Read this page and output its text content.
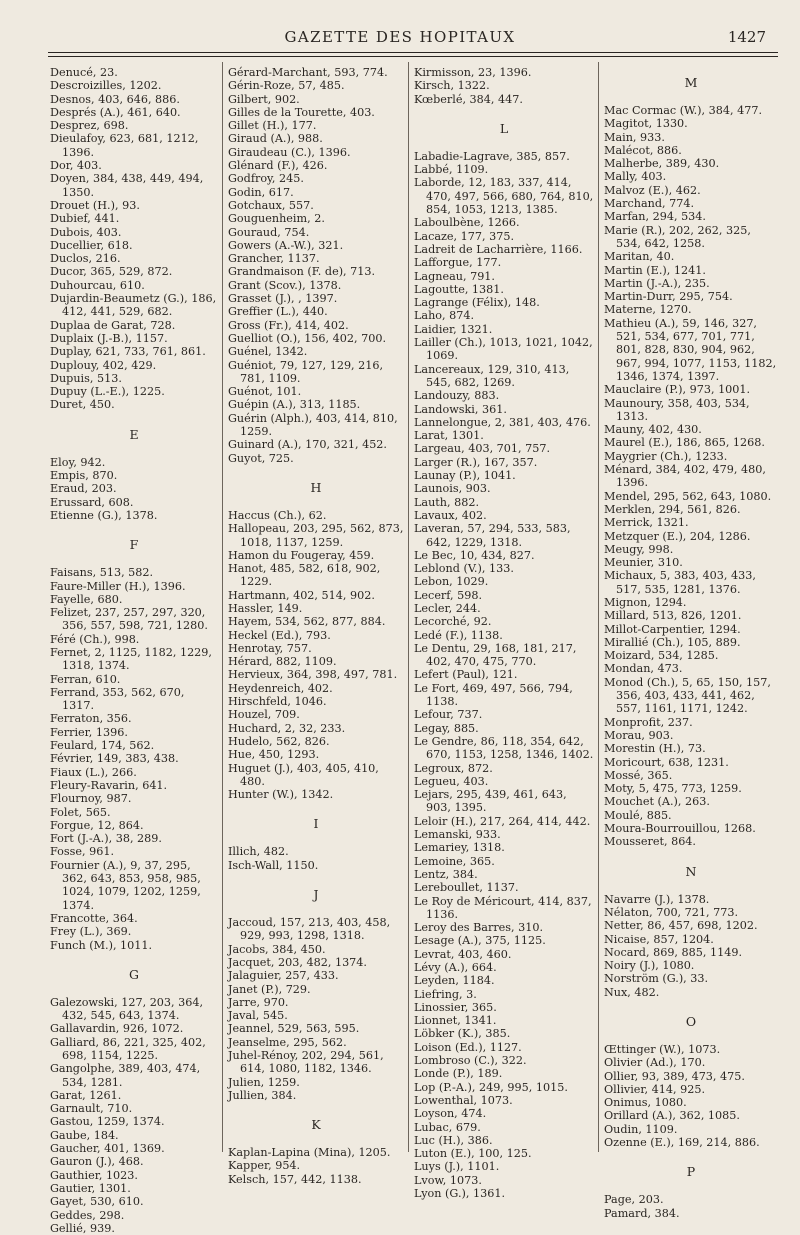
GAZETTE DES HOPITAUX	1427
Denucé, 23.
Descroizilles, 1202.
Desnos, 403, 646, 886.
Després (A.), 461, 640.
Desprez, 698.
Dieulafoy, 623, 681, 1212, 1396.
Dor, 403.
Doyen, 384, 438, 449, 494, 1350.
Drouet (H.), 93.
Dubief, 441.
Dubois, 403.
Ducellier, 618.
Duclos, 216.
Ducor, 365, 529, 872.
Duhourcau, 610.
Dujardin-Beaumetz (G.), 186, 412, 441, 529, 682.
Duplaa de Garat, 728.
Duplaix (J.-B.), 1157.
Duplay, 621, 733, 761, 861.
Duplouy, 402, 429.
Dupuis, 513.
Dupuy (L.-E.), 1225.
Duret, 450.
E
Eloy, 942.
Empis, 870.
Eraud, 203.
Erussard, 608.
Etienne (G.), 1378.
F
Faisans, 513, 582.
Faure-Miller (H.), 1396.
Fayelle, 680.
Felizet, 237, 257, 297, 320, 356, 557, 598, 721, 1280.
Féré (Ch.), 998.
Fernet, 2, 1125, 1182, 1229, 1318, 1374.
Ferran, 610.
Ferrand, 353, 562, 670, 1317.
Ferraton, 356.
Ferrier, 1396.
Feulard, 174, 562.
Février, 149, 383, 438.
Fiaux (L.), 266.
Fleury-Ravarin, 641.
Flournoy, 987.
Folet, 565.
Forgue, 12, 864.
Fort (J.-A.), 38, 289.
Fosse, 961.
Fournier (A.), 9, 37, 295, 362, 643, 853, 958, 985, 1024, 1079, 1202, 1259, 1374.
Francotte, 364.
Frey (L.), 369.
Funch (M.), 1011.
G
Galezowski, 127, 203, 364, 432, 545, 643, 1374.
Gallavardin, 926, 1072.
Galliard, 86, 221, 325, 402, 698, 1154, 1225.
Gangolphe, 389, 403, 474, 534, 1281.
Garat, 1261.
Garnault, 710.
Gastou, 1259, 1374.
Gaube, 184.
Gaucher, 401, 1369.
Gauron (J.), 468.
Gauthier, 1023.
Gautier, 1301.
Gayet, 530, 610.
Geddes, 298.
Gellié, 939.
Gérard-Marchant, 593, 774.
Gérin-Roze, 57, 485.
Gilbert, 902.
Gilles de la Tourette, 403.
Gillet (H.), 177.
Giraud (A.), 988.
Giraudeau (C.), 1396.
Glénard (F.), 426.
Godfroy, 245.
Godin, 617.
Gotchaux, 557.
Gouguenheim, 2.
Gouraud, 754.
Gowers (A.-W.), 321.
Grancher, 1137.
Grandmaison (F. de), 713.
Grant (Scov.), 1378.
Grasset (J.), , 1397.
Greffier (L.), 440.
Gross (Fr.), 414, 402.
Guelliot (O.), 156, 402, 700.
Guénel, 1342.
Guéniot, 79, 127, 129, 216, 781, 1109.
Guénot, 101.
Guépin (A.), 313, 1185.
Guérin (Alph.), 403, 414, 810, 1259.
Guinard (A.), 170, 321, 452.
Guyot, 725.
H
Haccus (Ch.), 62.
Hallopeau, 203, 295, 562, 873, 1018, 1137, 1259.
Hamon du Fougeray, 459.
Hanot, 485, 582, 618, 902, 1229.
Hartmann, 402, 514, 902.
Hassler, 149.
Hayem, 534, 562, 877, 884.
Heckel (Ed.), 793.
Henrotay, 757.
Hérard, 882, 1109.
Hervieux, 364, 398, 497, 781.
Heydenreich, 402.
Hirschfeld, 1046.
Houzel, 709.
Huchard, 2, 32, 233.
Hudelo, 562, 826.
Hue, 450, 1293.
Huguet (J.), 403, 405, 410, 480.
Hunter (W.), 1342.
I
Illich, 482.
Isch-Wall, 1150.
J
Jaccoud, 157, 213, 403, 458, 929, 993, 1298, 1318.
Jacobs, 384, 450.
Jacquet, 203, 482, 1374.
Jalaguier, 257, 433.
Janet (P.), 729.
Jarre, 970.
Javal, 545.
Jeannel, 529, 563, 595.
Jeanselme, 295, 562.
Juhel-Rénoy, 202, 294, 561, 614, 1080, 1182, 1346.
Julien, 1259.
Jullien, 384.
K
Kaplan-Lapina (Mina), 1205.
Kapper, 954.
Kelsch, 157, 442, 1138.
Kirmisson, 23, 1396.
Kirsch, 1322.
Kœberlé, 384, 447.
L
Labadie-Lagrave, 385, 857.
Labbé, 1109.
Laborde, 12, 183, 337, 414, 470, 497, 566, 680, 764, 810, 854, 1053, 1213, 1385.
Laboulbène, 1266.
Lacaze, 177, 375.
Ladreit de Lacharrière, 1166.
Lafforgue, 177.
Lagneau, 791.
Lagoutte, 1381.
Lagrange (Félix), 148.
Laho, 874.
Laidier, 1321.
Lailler (Ch.), 1013, 1021, 1042, 1069.
Lancereaux, 129, 310, 413, 545, 682, 1269.
Landouzy, 883.
Landowski, 361.
Lannelongue, 2, 381, 403, 476.
Larat, 1301.
Largeau, 403, 701, 757.
Larger (R.), 167, 357.
Launay (P.), 1041.
Launois, 903.
Lauth, 882.
Lavaux, 402.
Laveran, 57, 294, 533, 583, 642, 1229, 1318.
Le Bec, 10, 434, 827.
Leblond (V.), 133.
Lebon, 1029.
Lecerf, 598.
Lecler, 244.
Lecorché, 92.
Ledé (F.), 1138.
Le Dentu, 29, 168, 181, 217, 402, 470, 475, 770.
Lefert (Paul), 121.
Le Fort, 469, 497, 566, 794, 1138.
Lefour, 737.
Legay, 885.
Le Gendre, 86, 118, 354, 642, 670, 1153, 1258, 1346, 1402.
Legroux, 872.
Legueu, 403.
Lejars, 295, 439, 461, 643, 903, 1395.
Leloir (H.), 217, 264, 414, 442.
Lemanski, 933.
Lemariey, 1318.
Lemoine, 365.
Lentz, 384.
Lereboullet, 1137.
Le Roy de Méricourt, 414, 837, 1136.
Leroy des Barres, 310.
Lesage (A.), 375, 1125.
Levrat, 403, 460.
Lévy (A.), 664.
Leyden, 1184.
Liefring, 3.
Linossier, 365.
Lionnet, 1341.
Löbker (K.), 385.
Loison (Ed.), 1127.
Lombroso (C.), 322.
Londe (P.), 189.
Lop (P.-A.), 249, 995, 1015.
Lowenthal, 1073.
Loyson, 474.
Lubac, 679.
Luc (H.), 386.
Luton (E.), 100, 125.
Luys (J.), 1101.
Lvow, 1073.
Lyon (G.), 1361.
M
Mac Cormac (W.), 384, 477.
Magitot, 1330.
Main, 933.
Malécot, 886.
Malherbe, 389, 430.
Mally, 403.
Malvoz (E.), 462.
Marchand, 774.
Marfan, 294, 534.
Marie (R.), 202, 262, 325, 534, 642, 1258.
Maritan, 40.
Martin (E.), 1241.
Martin (J.-A.), 235.
Martin-Durr, 295, 754.
Materne, 1270.
Mathieu (A.), 59, 146, 327, 521, 534, 677, 701, 771, 801, 828, 830, 904, 962, 967, 994, 1077, 1153, 1182, 1346, 1374, 1397.
Mauclaire (P.), 973, 1001.
Maunoury, 358, 403, 534, 1313.
Mauny, 402, 430.
Maurel (E.), 186, 865, 1268.
Maygrier (Ch.), 1233.
Ménard, 384, 402, 479, 480, 1396.
Mendel, 295, 562, 643, 1080.
Merklen, 294, 561, 826.
Merrick, 1321.
Metzquer (E.), 204, 1286.
Meugy, 998.
Meunier, 310.
Michaux, 5, 383, 403, 433, 517, 535, 1281, 1376.
Mignon, 1294.
Millard, 513, 826, 1201.
Millot-Carpentier, 1294.
Mirallié (Ch.), 105, 889.
Moizard, 534, 1285.
Mondan, 473.
Monod (Ch.), 5, 65, 150, 157, 356, 403, 433, 441, 462, 557, 1161, 1171, 1242.
Monprofit, 237.
Morau, 903.
Morestin (H.), 73.
Moricourt, 638, 1231.
Mossé, 365.
Moty, 5, 475, 773, 1259.
Mouchet (A.), 263.
Moulé, 885.
Moura-Bourrouillou, 1268.
Mousseret, 864.
N
Navarre (J.), 1378.
Nélaton, 700, 721, 773.
Netter, 86, 457, 698, 1202.
Nicaise, 857, 1204.
Nocard, 869, 885, 1149.
Noiry (J.), 1080.
Norström (G.), 33.
Nux, 482.
O
Œttinger (W.), 1073.
Olivier (Ad.), 170.
Ollier, 93, 389, 473, 475.
Ollivier, 414, 925.
Onimus, 1080.
Orillard (A.), 362, 1085.
Oudin, 1109.
Ozenne (E.), 169, 214, 886.
P
Page, 203.
Pamard, 384.
